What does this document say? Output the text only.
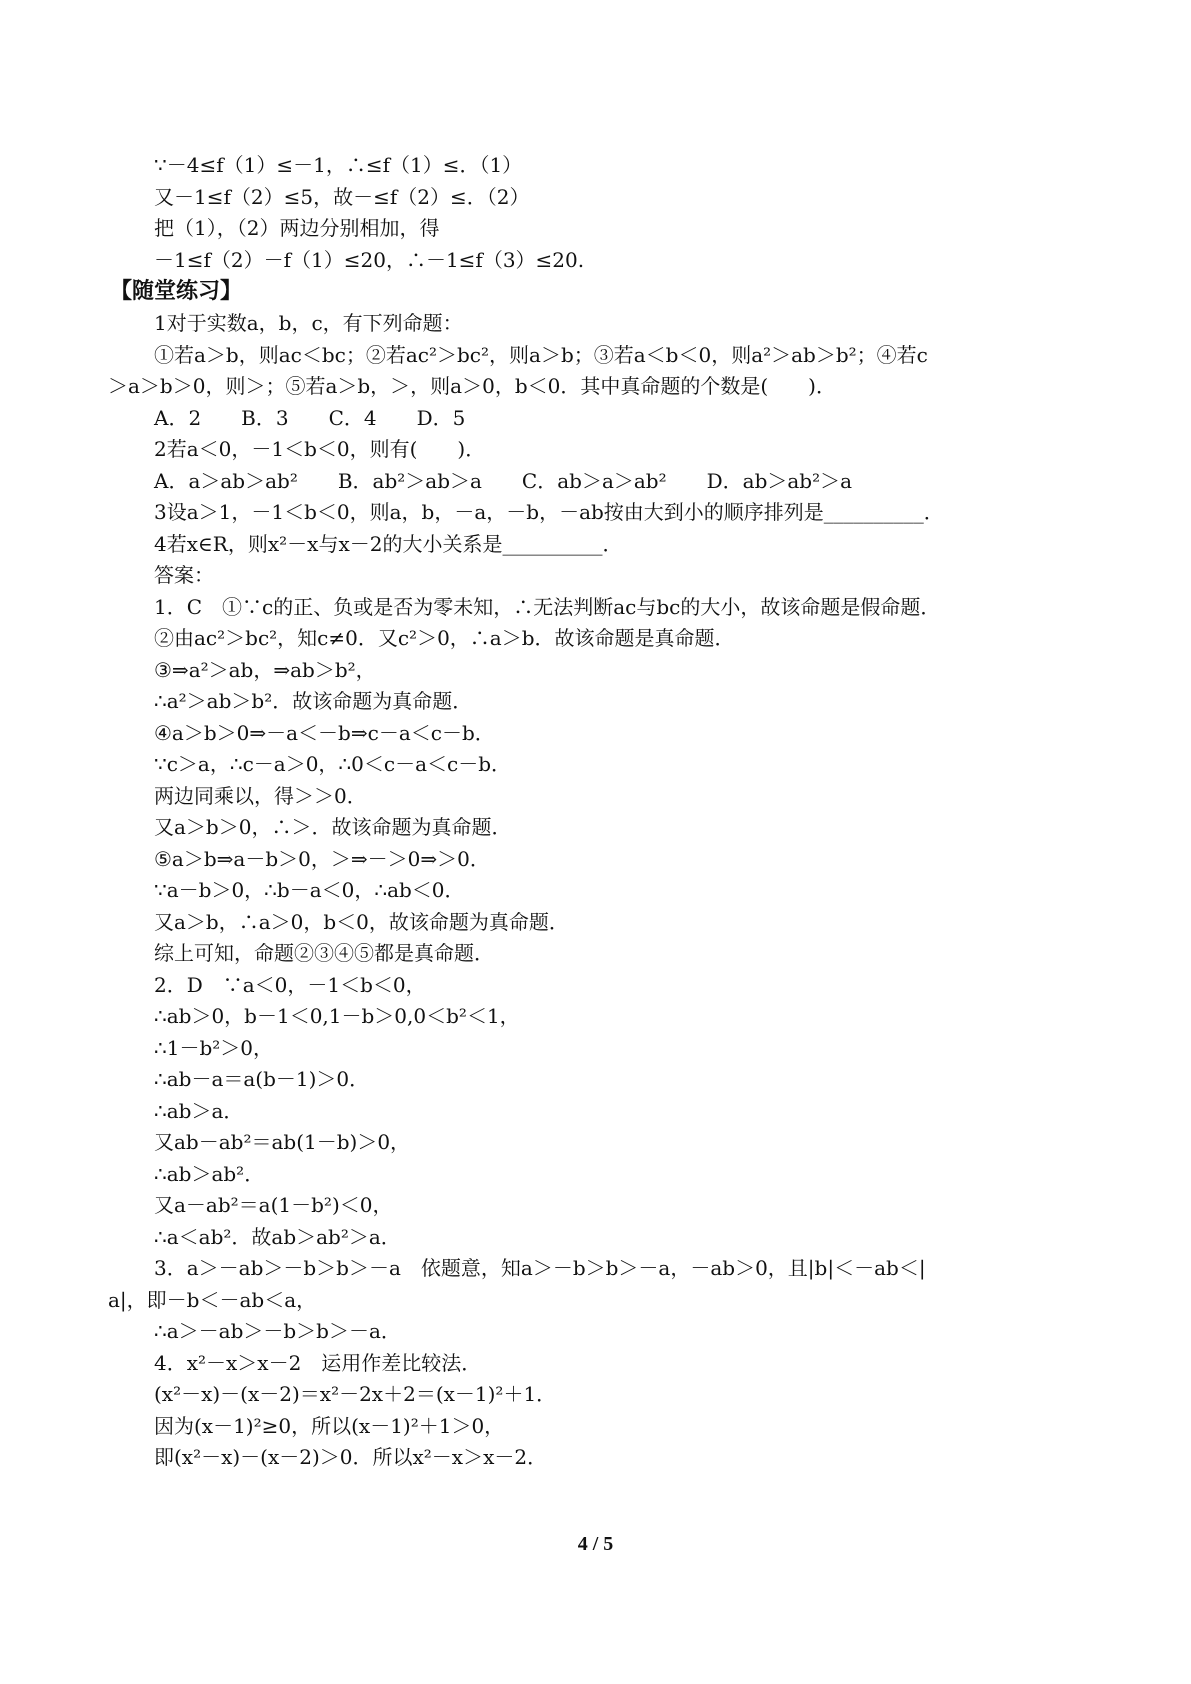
∵－4≤f（1）≤－1，∴≤f（1）≤．（1）
又－1≤f（2）≤5，故－≤f（2）≤．（2）
把（1），（2）两边分别相加，得
－1≤f（2）－f（1）≤20，∴－1≤f（3）≤20.
【随堂练习】
1对于实数a，b，c，有下列命题：
①若a＞b，则ac＜bc；②若ac²＞bc²，则a＞b；③若a＜b＜0，则a²＞ab＞b²；④若c
＞a＞b＞0，则＞；⑤若a＞b，＞，则a＞0，b＜0．其中真命题的个数是(　　)．
A．2　　B．3　　C．4　　D．5
2若a＜0，－1＜b＜0，则有(　　)．
A．a＞ab＞ab²　　B．ab²＞ab＞a　　C．ab＞a＞ab²　　D．ab＞ab²＞a
3设a＞1，－1＜b＜0，则a，b，－a，－b，－ab按由大到小的顺序排列是__________．
4若x∈R，则x²－x与x－2的大小关系是__________．
答案：
1．C　①∵c的正、负或是否为零未知，∴无法判断ac与bc的大小，故该命题是假命题．
②由ac²＞bc²，知c≠0．又c²＞0，∴a＞b．故该命题是真命题．
③⇒a²＞ab，⇒ab＞b²，
∴a²＞ab＞b²．故该命题为真命题．
④a＞b＞0⇒－a＜－b⇒c－a＜c－b．
∵c＞a，∴c－a＞0，∴0＜c－a＜c－b．
两边同乘以，得＞＞0．
又a＞b＞0，∴＞．故该命题为真命题．
⑤a＞b⇒a－b＞0，＞⇒－＞0⇒＞0．
∵a－b＞0，∴b－a＜0，∴ab＜0．
又a＞b，∴a＞0，b＜0，故该命题为真命题．
综上可知，命题②③④⑤都是真命题．
2．D　∵a＜0，－1＜b＜0，
∴ab＞0，b－1＜0,1－b＞0,0＜b²＜1，
∴1－b²＞0，
∴ab－a＝a(b－1)＞0．
∴ab＞a．
又ab－ab²＝ab(1－b)＞0，
∴ab＞ab²．
又a－ab²＝a(1－b²)＜0，
∴a＜ab²．故ab＞ab²＞a．
3．a＞－ab＞－b＞b＞－a　依题意，知a＞－b＞b＞－a，－ab＞0，且|b|＜－ab＜|
a|，即－b＜－ab＜a，
∴a＞－ab＞－b＞b＞－a．
4．x²－x＞x－2　运用作差比较法．
(x²－x)－(x－2)＝x²－2x＋2＝(x－1)²＋1．
因为(x－1)²≥0，所以(x－1)²＋1＞0，
即(x²－x)－(x－2)＞0．所以x²－x＞x－2．
4 / 5
